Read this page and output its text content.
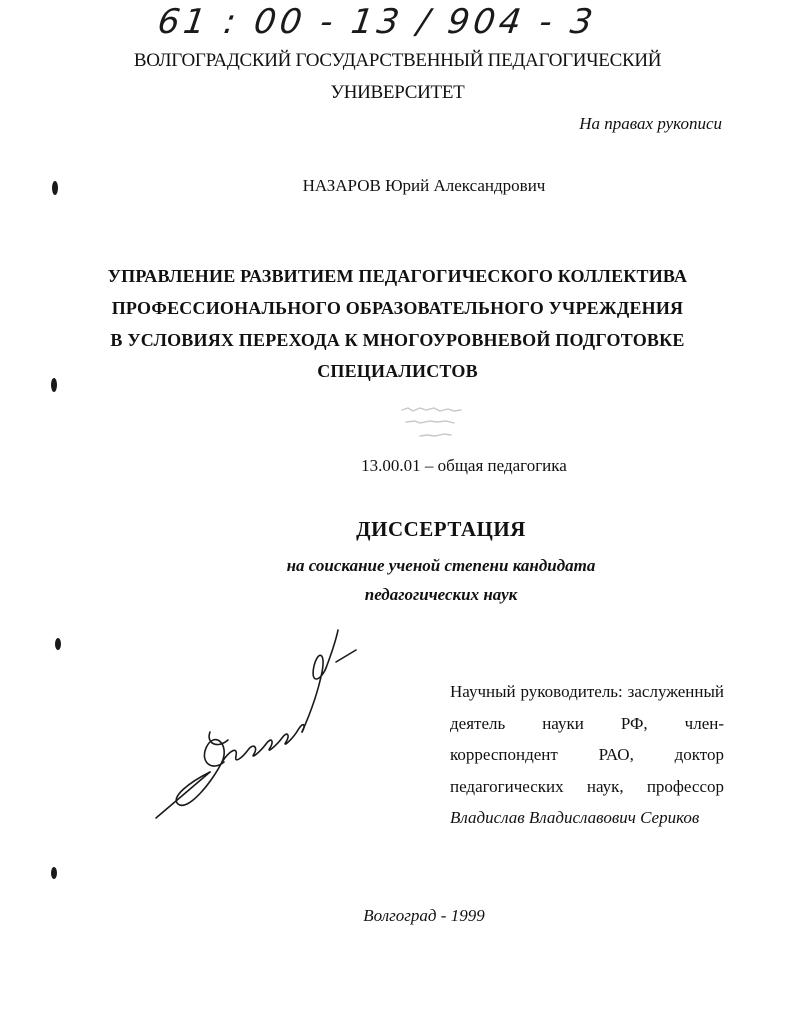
61 : 00 - 13 / 904 - 3
ВОЛГОГРАДСКИЙ ГОСУДАРСТВЕННЫЙ ПЕДАГОГИЧЕСКИЙ
УНИВЕРСИТЕТ
На правах рукописи
НАЗАРОВ Юрий Александрович
УПРАВЛЕНИЕ РАЗВИТИЕМ ПЕДАГОГИЧЕСКОГО КОЛЛЕКТИВА
ПРОФЕССИОНАЛЬНОГО ОБРАЗОВАТЕЛЬНОГО УЧРЕЖДЕНИЯ
В УСЛОВИЯХ ПЕРЕХОДА К МНОГОУРОВНЕВОЙ ПОДГОТОВКЕ
СПЕЦИАЛИСТОВ
13.00.01 – общая педагогика
ДИССЕРТАЦИЯ
на соискание ученой степени кандидата
педагогических наук
Научный руководитель: заслуженный деятель науки РФ, член-корреспондент РАО, доктор педагогических наук, профессор Владислав Владиславович Сериков
Волгоград - 1999
